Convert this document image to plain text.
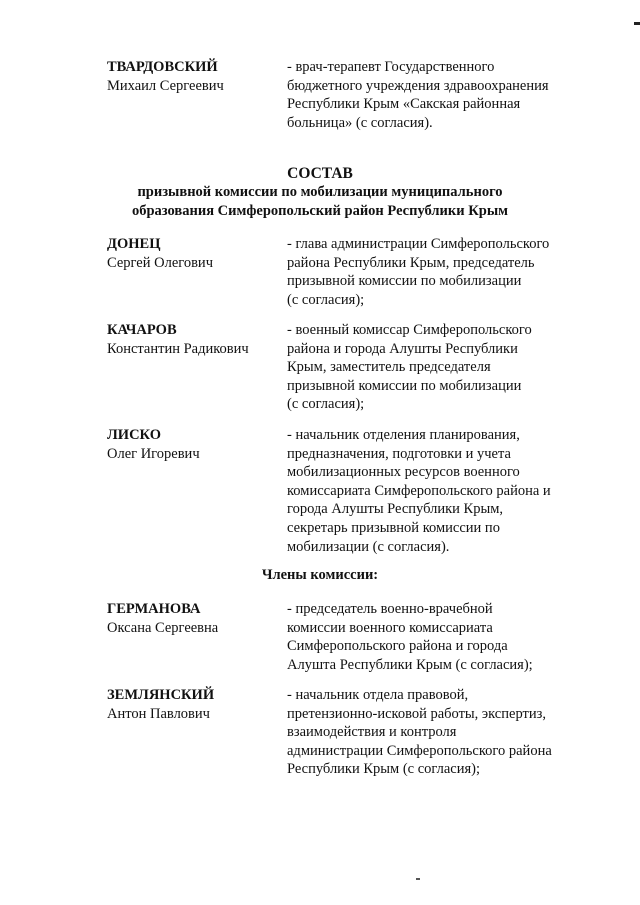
ТВАРДОВСКИЙ
Михаил Сергеевич
- врач-терапевт Государственного
бюджетного учреждения здравоохранения
Республики Крым «Сакская районная
больница» (с согласия).
СОСТАВ
призывной комиссии по мобилизации муниципального
образования Симферопольский район Республики Крым
ДОНЕЦ
Сергей Олегович
- глава администрации Симферопольского
района Республики Крым, председатель
призывной комиссии по мобилизации
(с согласия);
КАЧАРОВ
Константин Радикович
- военный комиссар Симферопольского
района и города Алушты Республики
Крым, заместитель председателя
призывной комиссии по мобилизации
(с согласия);
ЛИСКО
Олег Игоревич
- начальник отделения планирования,
предназначения, подготовки и учета
мобилизационных ресурсов военного
комиссариата Симферопольского района и
города Алушты Республики Крым,
секретарь призывной комиссии по
мобилизации (с согласия).
Члены комиссии:
ГЕРМАНОВА
Оксана Сергеевна
- председатель военно-врачебной
комиссии военного комиссариата
Симферопольского района и города
Алушта Республики Крым (с согласия);
ЗЕМЛЯНСКИЙ
Антон Павлович
- начальник отдела правовой,
претензионно-исковой работы, экспертиз,
взаимодействия и контроля
администрации Симферопольского района
Республики Крым (с согласия);
